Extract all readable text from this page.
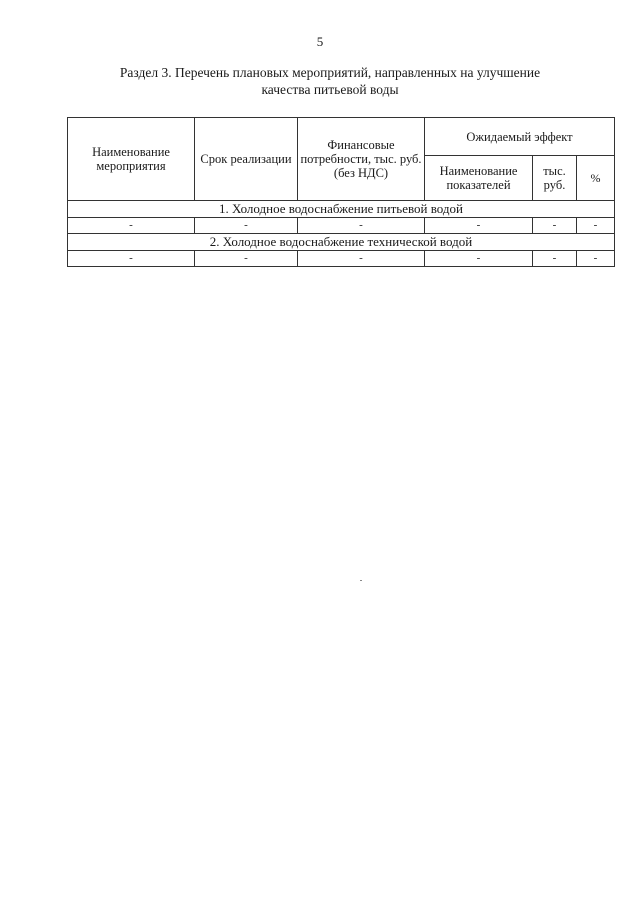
5
Раздел 3. Перечень плановых мероприятий, направленных на улучшение
качества питьевой воды
Наименование мероприятия	Срок реализации	Финансовые потребности, тыс. руб. (без НДС)	Ожидаемый эффект		
			Наименование показателей	тыс. руб.	%
1. Холодное водоснабжение питьевой водой					
-	-	-	-	-	-
2. Холодное водоснабжение технической водой					
-	-	-	-	-	-
